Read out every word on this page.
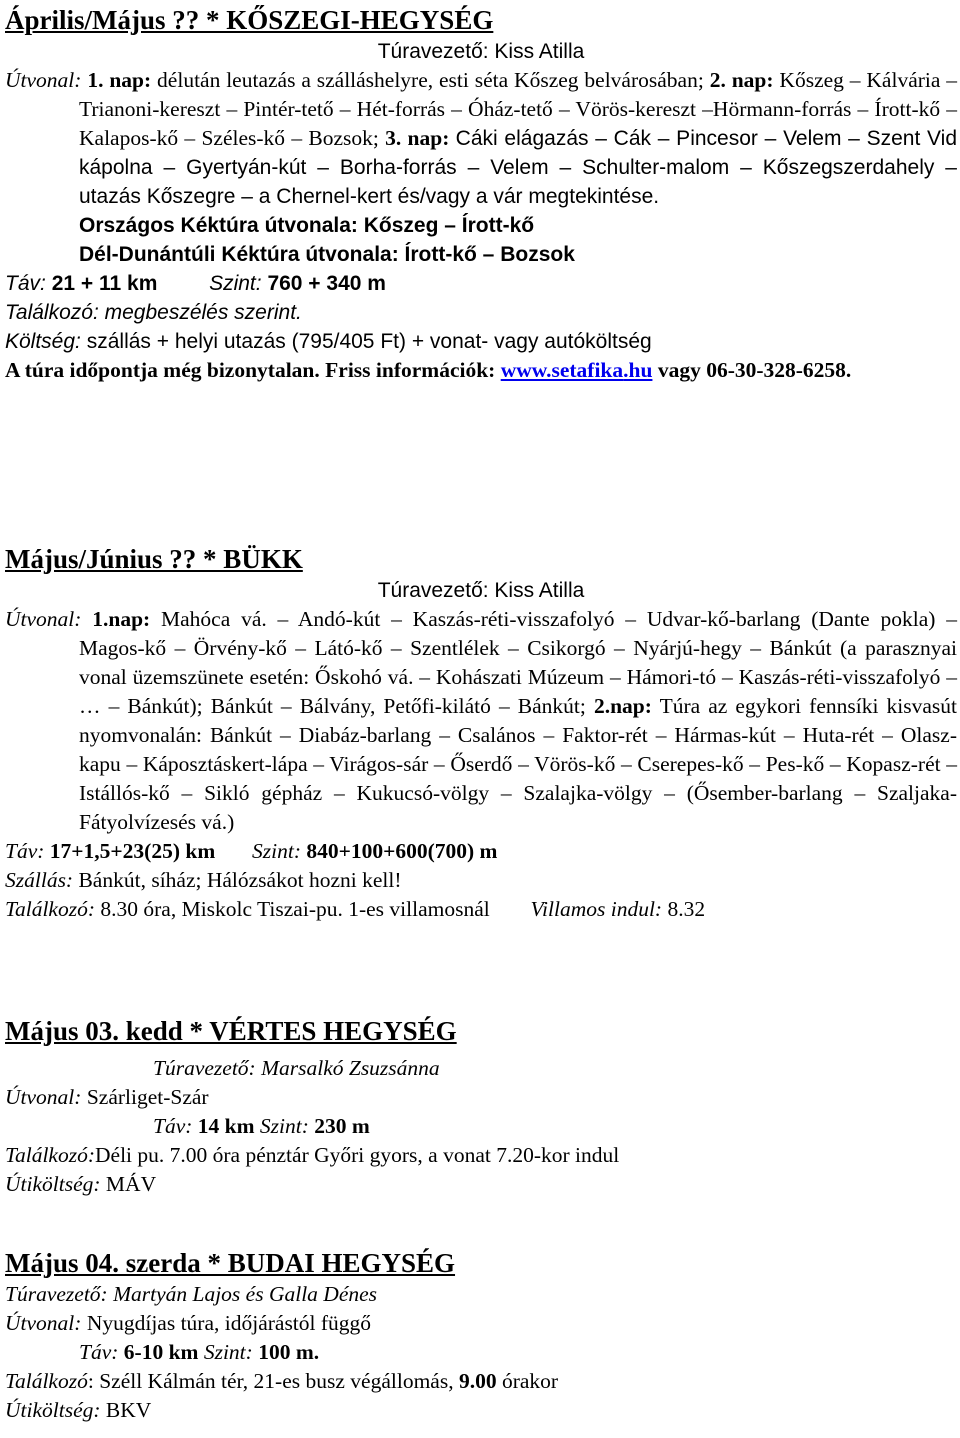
Április/Május ?? * KŐSZEGI-HEGYSÉG
Túravezető: Kiss Atilla

Útvonal: 1. nap: délután leutazás a szálláshelyre, esti séta Kőszeg belvárosában; 2. nap: Kőszeg – Kálvária – Trianoni-kereszt – Pintér-tető – Hét-forrás – Óház-tető – Vörös-kereszt –Hörmann-forrás – Írott-kő – Kalapos-kő – Széles-kő – Bozsok; 3. nap: Cáki elágazás – Cák – Pincesor – Velem – Szent Vid kápolna – Gyertyán-kút – Borha-forrás – Velem – Schulter-malom – Kőszegszerdahely – utazás Kőszegre – a Chernel-kert és/vagy a vár megtekintése.

Országos Kéktúra útvonala: Kőszeg – Írott-kő

Dél-Dunántúli Kéktúra útvonala: Írott-kő – Bozsok

Táv: 21 + 11 km Szint: 760 + 340 m

Találkozó: megbeszélés szerint.

Költség: szállás + helyi utazás (795/405 Ft) + vonat- vagy autóköltség

A túra időpontja még bizonytalan. Friss információk: www.setafika.hu vagy 06-30-328-6258.

Május/Június ?? * BÜKK
Túravezető: Kiss Atilla

Útvonal: 1.nap: Mahóca vá. – Andó-kút – Kaszás-réti-visszafolyó – Udvar-kő-barlang (Dante pokla) – Magos-kő – Örvény-kő – Látó-kő – Szentlélek – Csikorgó – Nyárjú-hegy – Bánkút (a parasznyai vonal üzemszünete esetén: Őskohó vá. – Kohászati Múzeum – Hámori-tó – Kaszás-réti-visszafolyó – … – Bánkút); Bánkút – Bálvány, Petőfi-kilátó – Bánkút; 2.nap: Túra az egykori fennsíki kisvasút nyomvonalán: Bánkút – Diabáz-barlang – Csalános – Faktor-rét – Hármas-kút – Huta-rét – Olasz-kapu – Káposztáskert-lápa – Virágos-sár – Őserdő – Vörös-kő – Cserepes-kő – Pes-kő – Kopasz-rét – Istállós-kő – Sikló gépház – Kukucsó-völgy – Szalajka-völgy – (Ősember-barlang – Szaljaka-Fátyolvízesés vá.)

Táv: 17+1,5+23(25) km Szint: 840+100+600(700) m

Szállás: Bánkút, síház; Hálózsákot hozni kell!

Találkozó: 8.30 óra, Miskolc Tiszai-pu. 1-es villamosnál Villamos indul: 8.32

Május 03. kedd * VÉRTES HEGYSÉG

Túravezető: Marsalkó Zsuzsánna

Útvonal: Szárliget-Szár

Táv: 14 km Szint: 230 m

Találkozó:Déli pu. 7.00 óra pénztár Győri gyors, a vonat 7.20-kor indul

Útiköltség: MÁV

Május 04. szerda * BUDAI HEGYSÉG

Túravezető: Martyán Lajos és Galla Dénes

Útvonal: Nyugdíjas túra, időjárástól függő

Táv: 6-10 km Szint: 100 m.

Találkozó: Széll Kálmán tér, 21-es busz végállomás, 9.00 órakor

Útiköltség: BKV
